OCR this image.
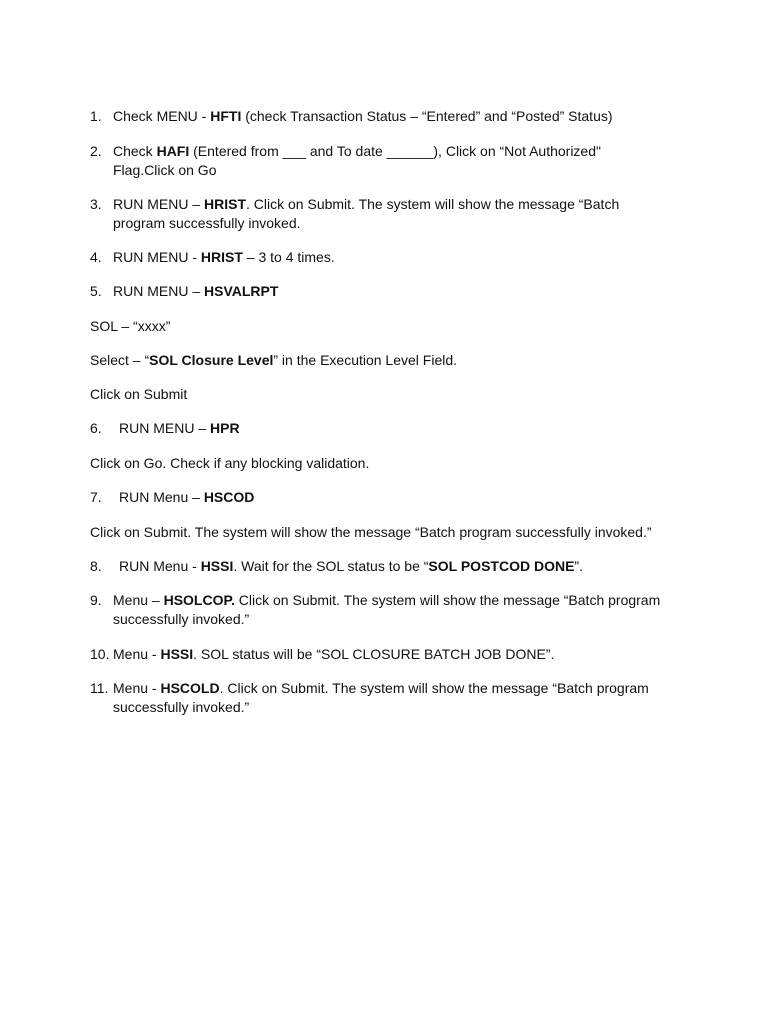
1. Check MENU - HFTI (check Transaction Status – “Entered” and “Posted” Status)
2. Check HAFI (Entered from ___ and To date ______), Click on “Not Authorized" Flag.Click on Go
3. RUN MENU – HRIST. Click on Submit. The system will show the message “Batch program successfully invoked.
4. RUN MENU - HRIST – 3 to 4 times.
5. RUN MENU – HSVALRPT
SOL – “xxxx”
Select – “SOL Closure Level” in the Execution Level Field.
Click on Submit
6.	RUN MENU – HPR
Click on Go. Check if any blocking validation.
7.	RUN Menu – HSCOD
Click on Submit. The system will show the message “Batch program successfully invoked.”
8.	RUN Menu - HSSI. Wait for the SOL status to be “SOL POSTCOD DONE”.
9. Menu – HSOLCOP. Click on Submit. The system will show the message “Batch program successfully invoked.”
10. Menu - HSSI. SOL status will be “SOL CLOSURE BATCH JOB DONE”.
11. Menu - HSCOLD. Click on Submit. The system will show the message “Batch program successfully invoked.”
